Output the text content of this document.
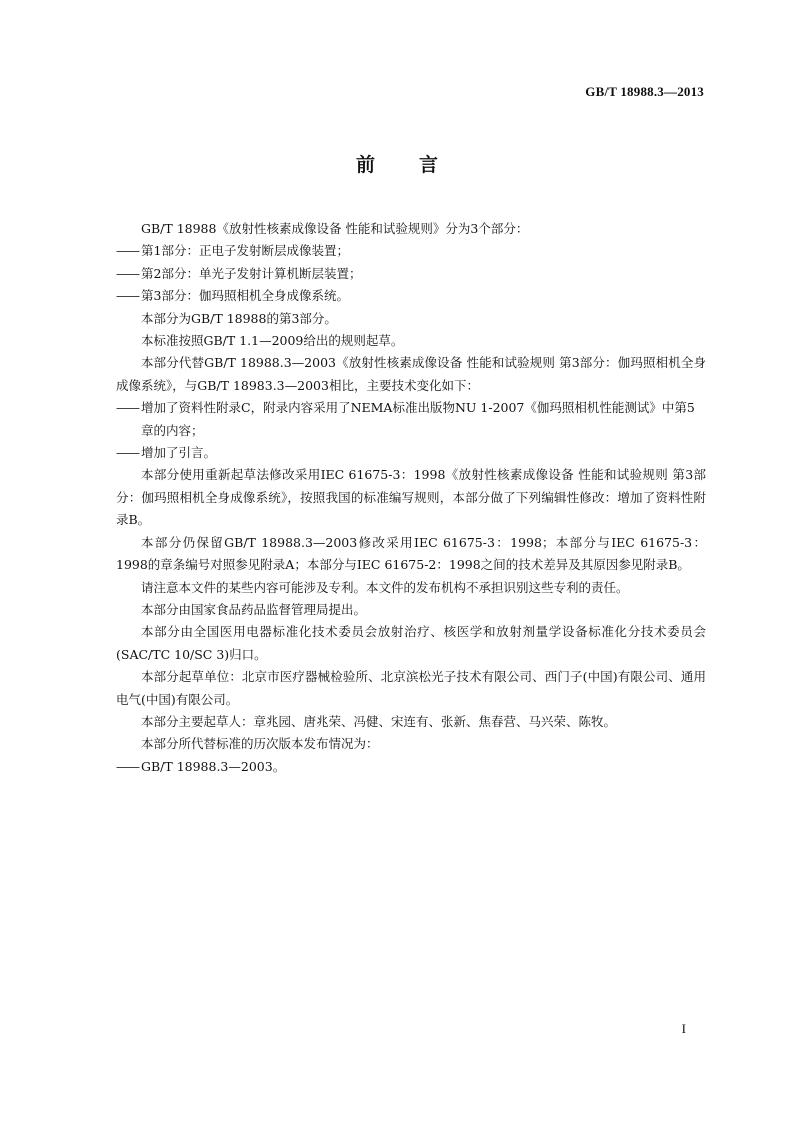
GB/T 18988.3—2013
前言
GB/T 18988《放射性核素成像设备 性能和试验规则》分为3个部分：
—— 第1部分：正电子发射断层成像装置；
—— 第2部分：单光子发射计算机断层装置；
—— 第3部分：伽玛照相机全身成像系统。
本部分为GB/T 18988的第3部分。
本标准按照GB/T 1.1—2009给出的规则起草。
本部分代替GB/T 18988.3—2003《放射性核素成像设备 性能和试验规则 第3部分：伽玛照相机全身成像系统》，与GB/T 18983.3—2003相比，主要技术变化如下：
—— 增加了资料性附录C，附录内容采用了NEMA标准出版物NU 1-2007《伽玛照相机性能测试》中第5章的内容；
—— 增加了引言。
本部分使用重新起草法修改采用IEC 61675-3：1998《放射性核素成像设备 性能和试验规则 第3部分：伽玛照相机全身成像系统》，按照我国的标准编写规则，本部分做了下列编辑性修改：增加了资料性附录B。
本部分仍保留GB/T 18988.3—2003修改采用IEC 61675-3：1998；本部分与IEC 61675-3：1998的章条编号对照参见附录A；本部分与IEC 61675-2：1998之间的技术差异及其原因参见附录B。
请注意本文件的某些内容可能涉及专利。本文件的发布机构不承担识别这些专利的责任。
本部分由国家食品药品监督管理局提出。
本部分由全国医用电器标准化技术委员会放射治疗、核医学和放射剂量学设备标准化分技术委员会(SAC/TC 10/SC 3)归口。
本部分起草单位：北京市医疗器械检验所、北京滨松光子技术有限公司、西门子(中国)有限公司、通用电气(中国)有限公司。
本部分主要起草人：章兆园、唐兆荣、冯健、宋连有、张新、焦春营、马兴荣、陈牧。
本部分所代替标准的历次版本发布情况为：
—— GB/T 18988.3—2003。
I
